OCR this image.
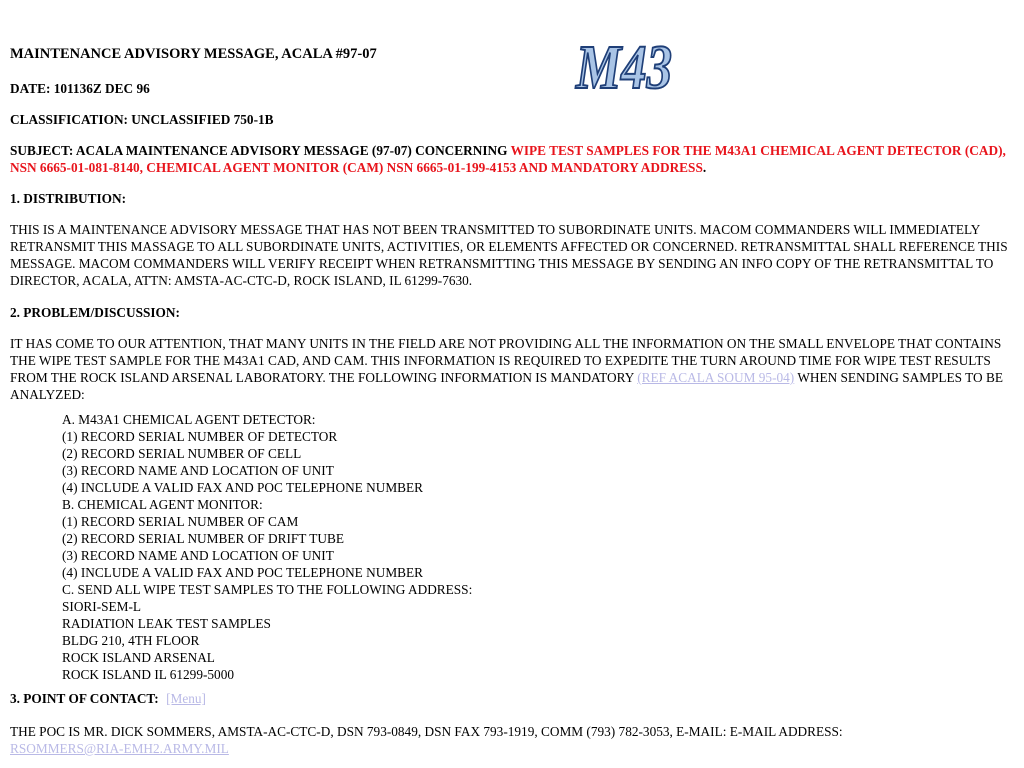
M43

MAINTENANCE ADVISORY MESSAGE, ACALA #97-07

DATE: 101136Z DEC 96

CLASSIFICATION: UNCLASSIFIED 750-1B

SUBJECT: ACALA MAINTENANCE ADVISORY MESSAGE (97-07) CONCERNING WIPE TEST SAMPLES FOR THE M43A1 CHEMICAL AGENT DETECTOR (CAD), NSN 6665-01-081-8140, CHEMICAL AGENT MONITOR (CAM) NSN 6665-01-199-4153 AND MANDATORY ADDRESS.

1. DISTRIBUTION:

THIS IS A MAINTENANCE ADVISORY MESSAGE THAT HAS NOT BEEN TRANSMITTED TO SUBORDINATE UNITS. MACOM COMMANDERS WILL IMMEDIATELY RETRANSMIT THIS MASSAGE TO ALL SUBORDINATE UNITS, ACTIVITIES, OR ELEMENTS AFFECTED OR CONCERNED. RETRANSMITTAL SHALL REFERENCE THIS MESSAGE. MACOM COMMANDERS WILL VERIFY RECEIPT WHEN RETRANSMITTING THIS MESSAGE BY SENDING AN INFO COPY OF THE RETRANSMITTAL TO DIRECTOR, ACALA, ATTN: AMSTA-AC-CTC-D, ROCK ISLAND, IL 61299-7630.

2. PROBLEM/DISCUSSION:

IT HAS COME TO OUR ATTENTION, THAT MANY UNITS IN THE FIELD ARE NOT PROVIDING ALL THE INFORMATION ON THE SMALL ENVELOPE THAT CONTAINS THE WIPE TEST SAMPLE FOR THE M43A1 CAD, AND CAM. THIS INFORMATION IS REQUIRED TO EXPEDITE THE TURN AROUND TIME FOR WIPE TEST RESULTS FROM THE ROCK ISLAND ARSENAL LABORATORY. THE FOLLOWING INFORMATION IS MANDATORY (REF ACALA SOUM 95-04) WHEN SENDING SAMPLES TO BE ANALYZED:

A. M43A1 CHEMICAL AGENT DETECTOR:
(1) RECORD SERIAL NUMBER OF DETECTOR
(2) RECORD SERIAL NUMBER OF CELL
(3) RECORD NAME AND LOCATION OF UNIT
(4) INCLUDE A VALID FAX AND POC TELEPHONE NUMBER
B. CHEMICAL AGENT MONITOR:
(1) RECORD SERIAL NUMBER OF CAM
(2) RECORD SERIAL NUMBER OF DRIFT TUBE
(3) RECORD NAME AND LOCATION OF UNIT
(4) INCLUDE A VALID FAX AND POC TELEPHONE NUMBER
C. SEND ALL WIPE TEST SAMPLES TO THE FOLLOWING ADDRESS:
SIORI-SEM-L
RADIATION LEAK TEST SAMPLES
BLDG 210, 4TH FLOOR
ROCK ISLAND ARSENAL
ROCK ISLAND IL 61299-5000

3. POINT OF CONTACT: [Menu]

THE POC IS MR. DICK SOMMERS, AMSTA-AC-CTC-D, DSN 793-0849, DSN FAX 793-1919, COMM (793) 782-3053, E-MAIL: E-MAIL ADDRESS:
RSOMMERS@RIA-EMH2.ARMY.MIL
